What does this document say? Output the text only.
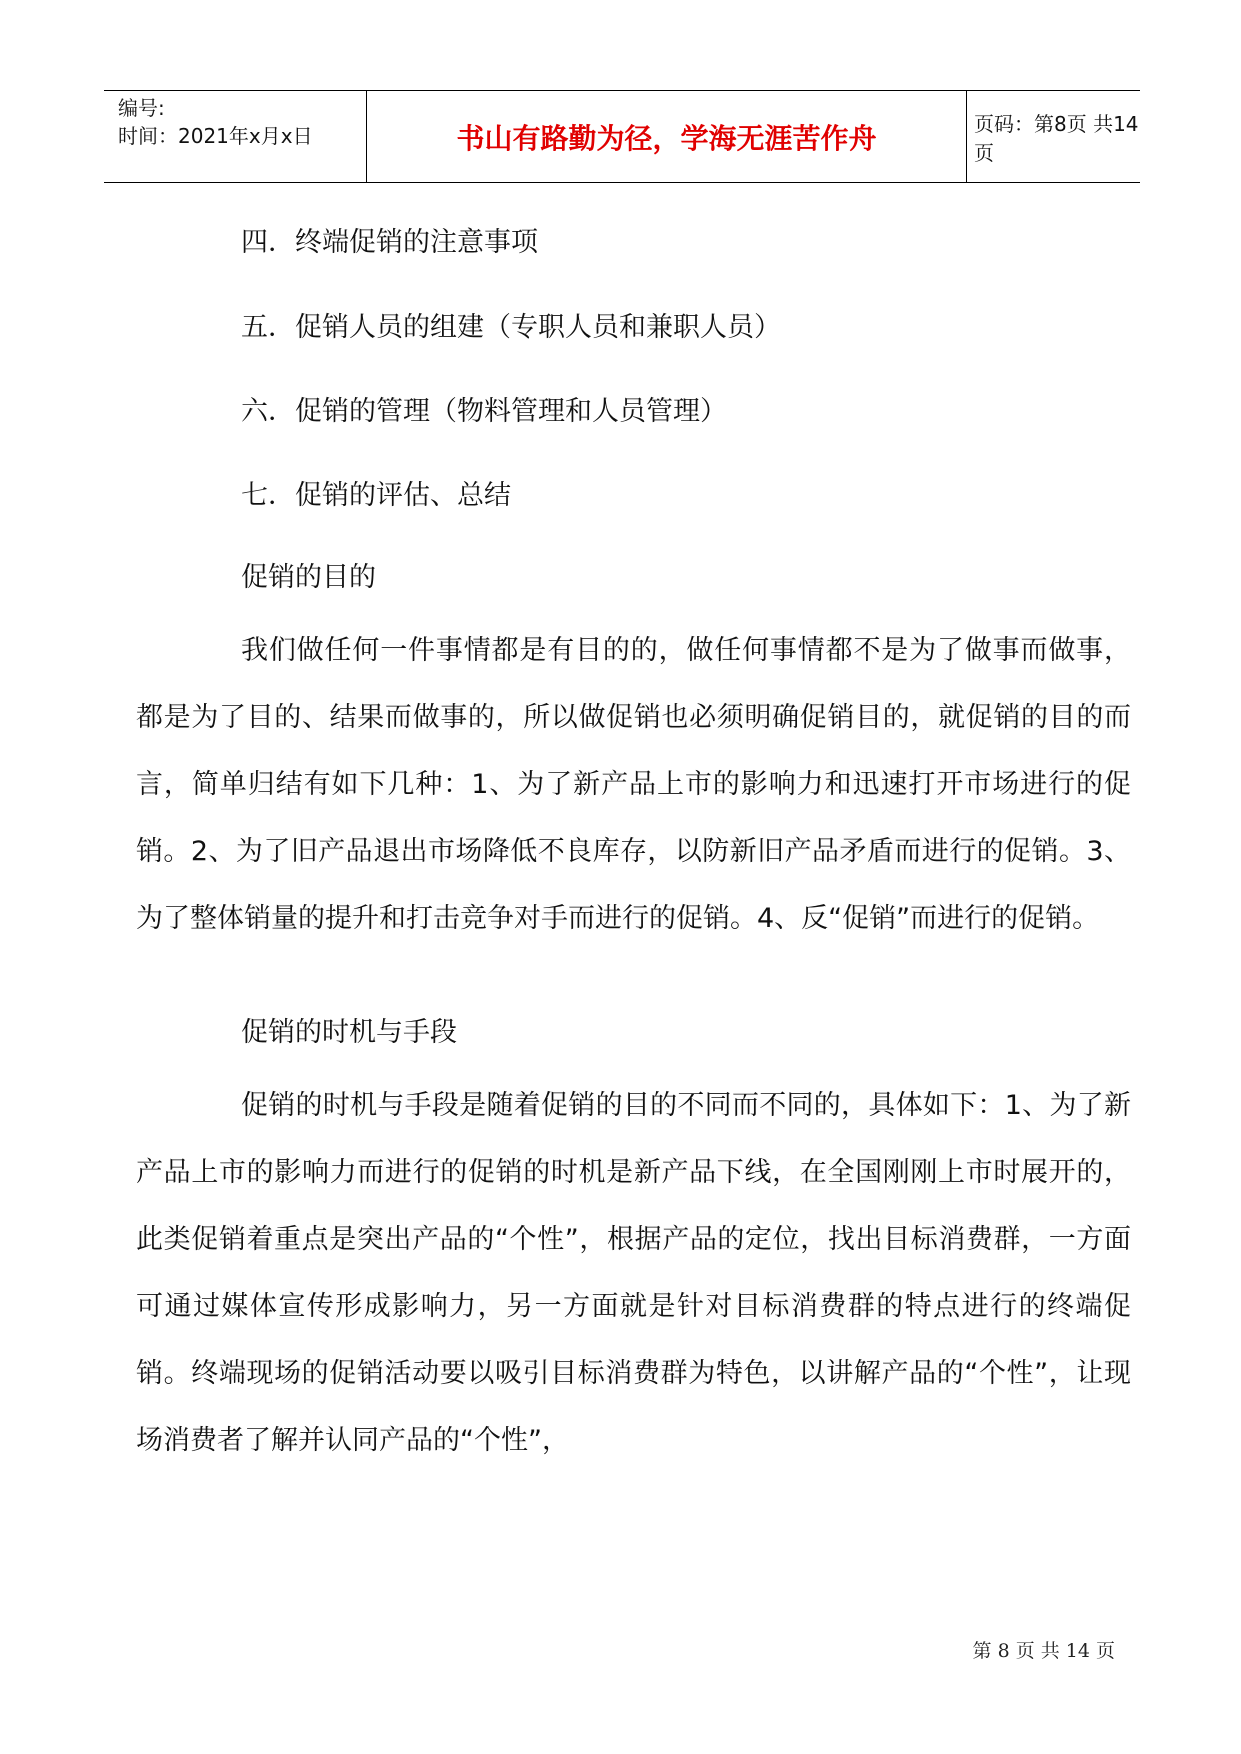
编号:
时间：2021年x月x日	书山有路勤为径，学海无涯苦作舟	页码：第8页 共14页
四．终端促销的注意事项
五．促销人员的组建（专职人员和兼职人员）
六．促销的管理（物料管理和人员管理）
七．促销的评估、总结
促销的目的
我们做任何一件事情都是有目的的，做任何事情都不是为了做事而做事，都是为了目的、结果而做事的，所以做促销也必须明确促销目的，就促销的目的而言，简单归结有如下几种：1、为了新产品上市的影响力和迅速打开市场进行的促销。2、为了旧产品退出市场降低不良库存，以防新旧产品矛盾而进行的促销。3、为了整体销量的提升和打击竞争对手而进行的促销。4、反“促销”而进行的促销。
促销的时机与手段
促销的时机与手段是随着促销的目的不同而不同的，具体如下：1、为了新产品上市的影响力而进行的促销的时机是新产品下线，在全国刚刚上市时展开的，此类促销着重点是突出产品的“个性”，根据产品的定位，找出目标消费群，一方面可通过媒体宣传形成影响力，另一方面就是针对目标消费群的特点进行的终端促销。终端现场的促销活动要以吸引目标消费群为特色，以讲解产品的“个性”，让现场消费者了解并认同产品的“个性”，
第 8 页 共 14 页
